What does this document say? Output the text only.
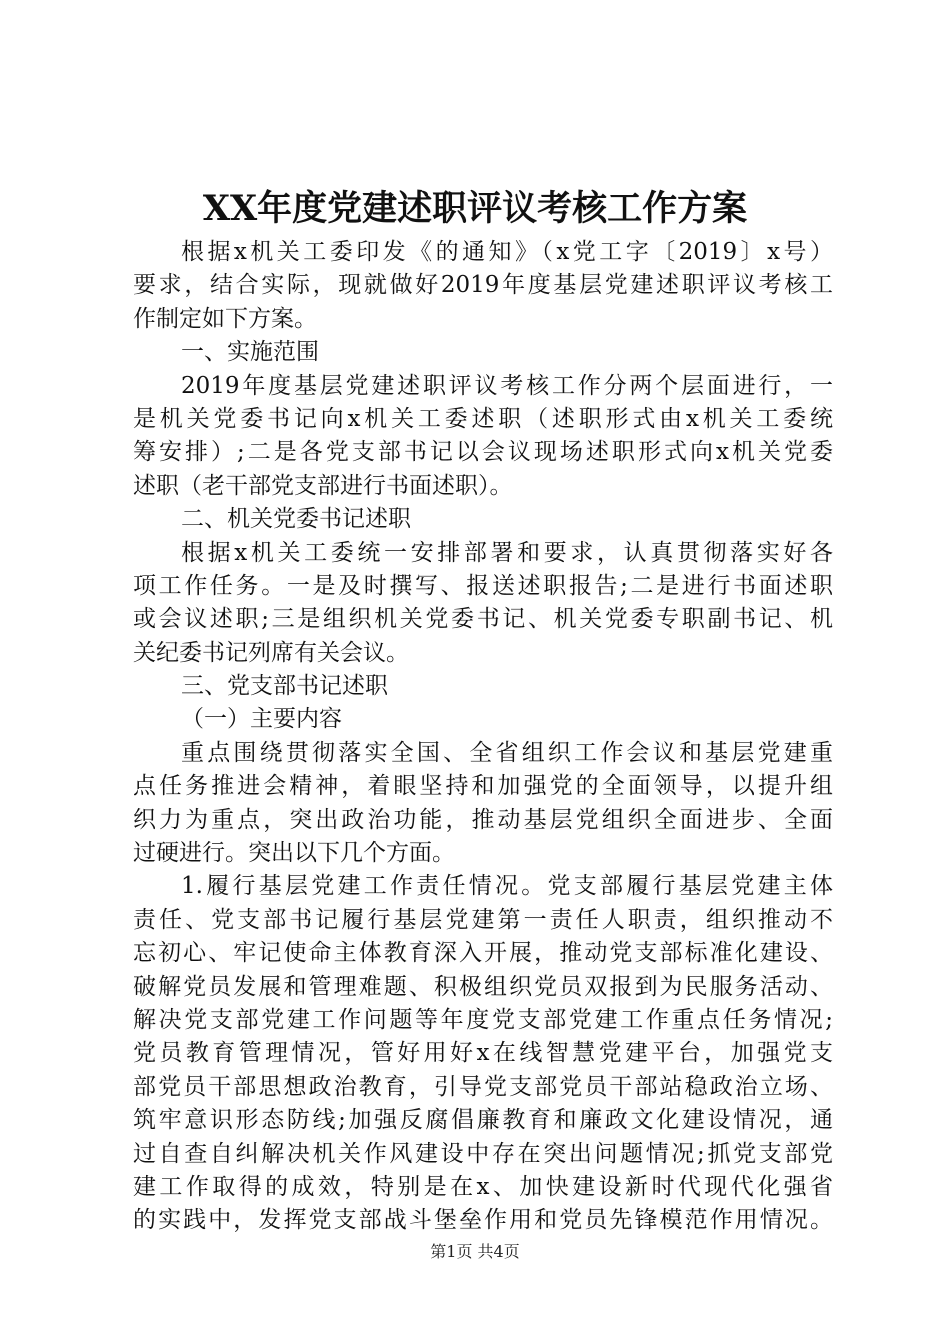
XX年度党建述职评议考核工作方案
根据x机关工委印发《的通知》（x党工字〔2019〕x号）
要求，结合实际，现就做好2019年度基层党建述职评议考核工
作制定如下方案。
一、实施范围
2019年度基层党建述职评议考核工作分两个层面进行，一
是机关党委书记向x机关工委述职（述职形式由x机关工委统
筹安排）;二是各党支部书记以会议现场述职形式向x机关党委
述职（老干部党支部进行书面述职）。
二、机关党委书记述职
根据x机关工委统一安排部署和要求，认真贯彻落实好各
项工作任务。一是及时撰写、报送述职报告;二是进行书面述职
或会议述职;三是组织机关党委书记、机关党委专职副书记、机
关纪委书记列席有关会议。
三、党支部书记述职
（一）主要内容
重点围绕贯彻落实全国、全省组织工作会议和基层党建重
点任务推进会精神，着眼坚持和加强党的全面领导，以提升组
织力为重点，突出政治功能，推动基层党组织全面进步、全面
过硬进行。突出以下几个方面。
1.履行基层党建工作责任情况。党支部履行基层党建主体
责任、党支部书记履行基层党建第一责任人职责，组织推动不
忘初心、牢记使命主体教育深入开展，推动党支部标准化建设、
破解党员发展和管理难题、积极组织党员双报到为民服务活动、
解决党支部党建工作问题等年度党支部党建工作重点任务情况;
党员教育管理情况，管好用好x在线智慧党建平台，加强党支
部党员干部思想政治教育，引导党支部党员干部站稳政治立场、
筑牢意识形态防线;加强反腐倡廉教育和廉政文化建设情况，通
过自查自纠解决机关作风建设中存在突出问题情况;抓党支部党
建工作取得的成效，特别是在x、加快建设新时代现代化强省
的实践中，发挥党支部战斗堡垒作用和党员先锋模范作用情况。
第1页 共4页
